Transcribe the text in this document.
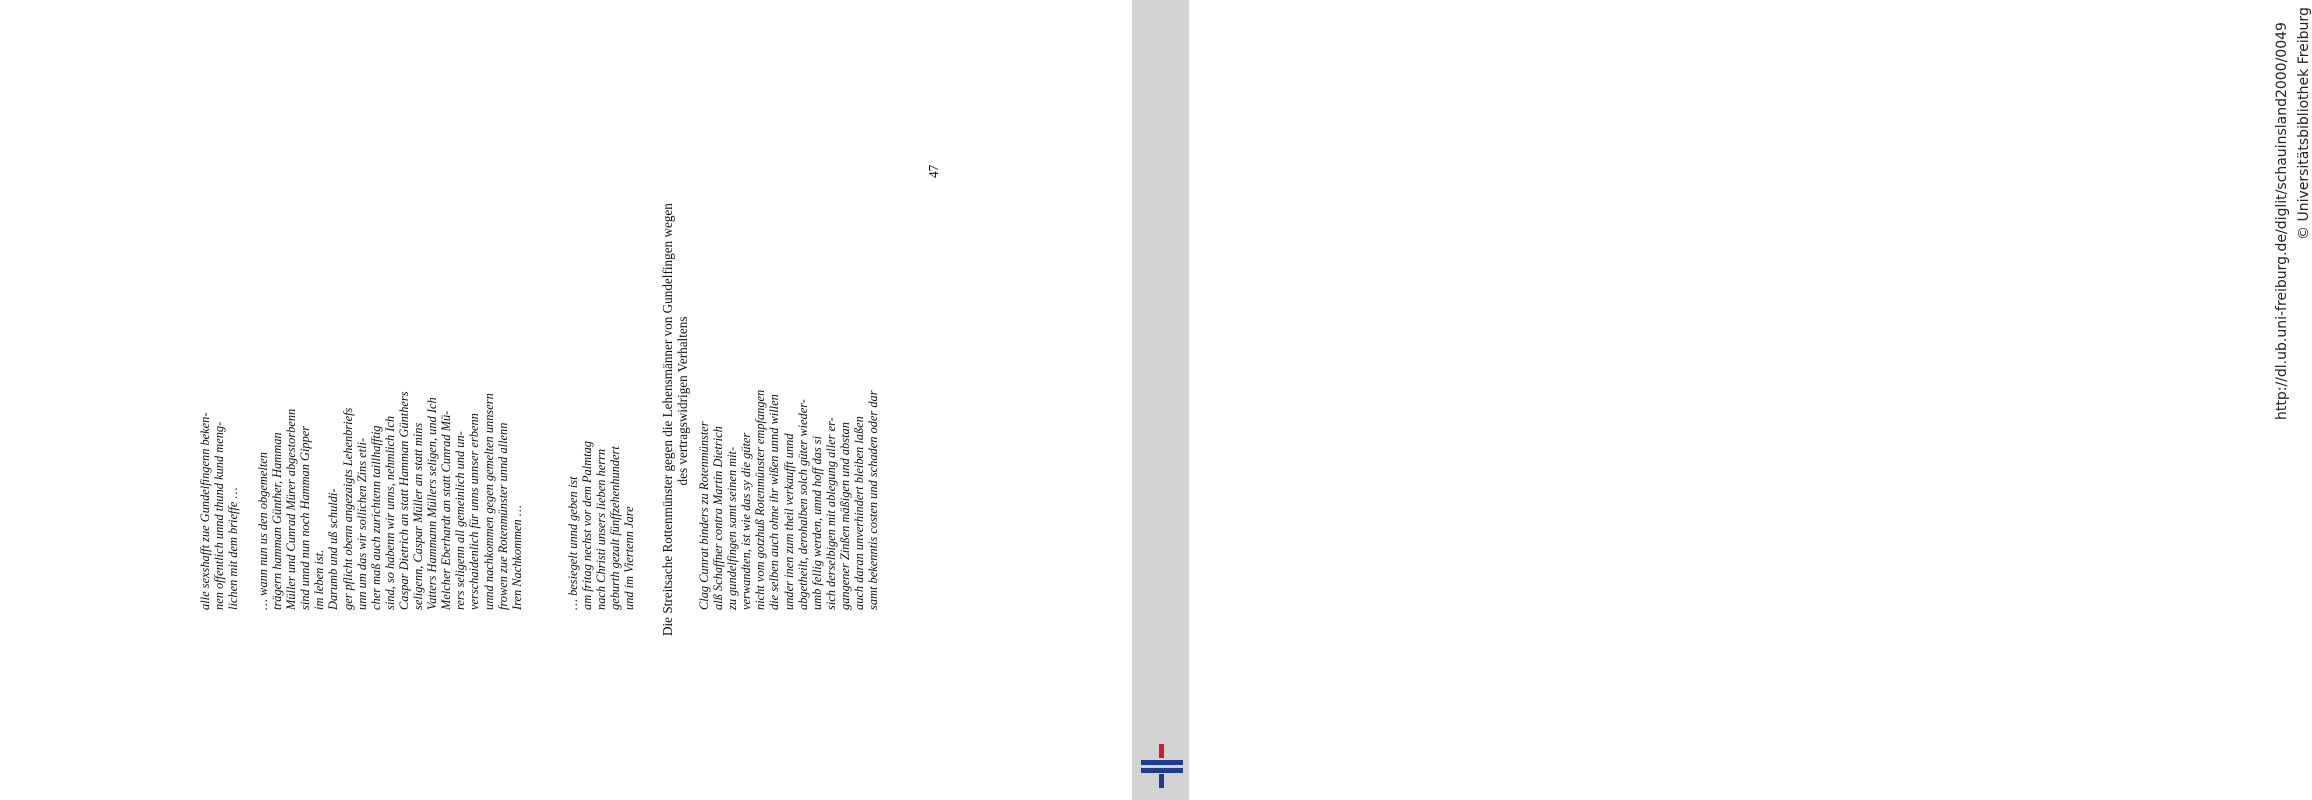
alle sexshafft zue Gundelfingenn beken- nen offentlich unnd thund kund meng- lichen mit dem brieffe … … wann nun us den obgemelten trägern hamman Günther, Hamman Müller und Cunrad Mürer abgestorbenn sind unnd nun noch Hamman Gipper im leben ist. Darumb und uß schuldi- ger pflicht obenn angezaigts Lehenbriefs unn um das wir sollichen Zins etli- cher maß auch zurichtenn taillhafftig sind, so habenn wir unns, nehmlich Ich Caspar Dietrich an statt Hamman Günthers seligenn, Caspar Müller an statt mins Vatters Hammann Müllers seligen, und Ich Melcher Eberhardt an statt Cunrad Mü- rers seligenn all gemeinlich und un- verschaidenlich für unns unnser erbenn unnd nachkommen gegen gemelten unnsern frowen zue Rotenmünster unnd allenn Iren Nachkommen …	… besiegelt unnd geben ist am fritag nechst vor dem Palmtag nach Christi unsers lieben herrn geburth gezalt fünffzehenhundert und im Viertenn Jare Die Streitsache Rottenmünster gegen die Lehensmänner von Gundelfingen wegen des vertragswidrigen Verhaltens
Clag Cunrat binders zu Rotenmünster alß Schaffner contra Martin Dietrich zu gundelfingen samt seinen mit- verwandten, ist wie das sy die güter nicht vom gotzhuß Rotenmünster empfangen die selben auch ohne ihr wißen unnd willen under inen zum theil verkaufft unnd abgetheilt, derohalben solch güter wieder- umb fellig werden, unnd hoff das si sich derselbigen mit ablegung aller er- gangener Zinßen mäßigen und abstan auch daran unverhindert bleiben laßen samt bekenntis costen und schaden oder dar
47	http://dl.ub.uni-freiburg.de/diglit/schauinsland2000/0049 © Universitätsbibliothek Freiburg
